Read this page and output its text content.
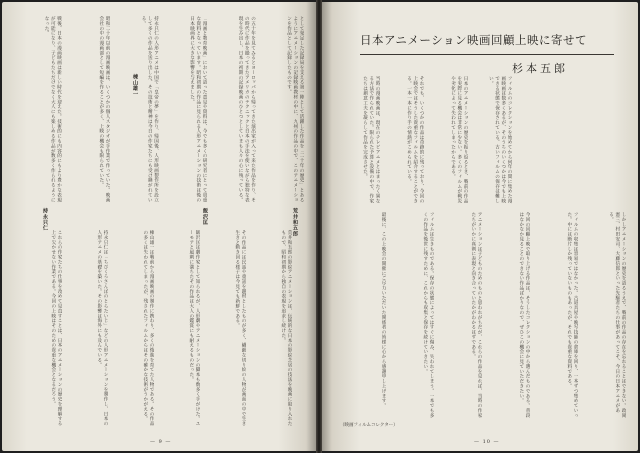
として発足した記録局を支える第一陣として活躍した作品を「二十年の歴史」とあるようにアニメーションの記録映画教材の中に、九州の作品の中で、このアニメーションを作品として記録したものです。
の五十年を見てみるとヨーロッパから帰ってきた演出家が入って来た作品を作り、その時代に作品を撮ってきたアメリカのテクニックと日本の手法を使いながら独特な表現を生み出し、日本の初期の記録映画のひとつとしていまも人々の心に残っている。
「漫画と教育映画」において語った意見や資料は、今でも多くの研究者にとって貴重な資料となっています。昭和初期の作品に見られる人形アニメーションの技術は後の日本映画界に大きな影響を与えました。
持永只仁の人形アニメは中国で「皇帝の夢」を作り、帰国後、人形映画製作所を設立して多くの作品を送り出した。その技術と精神は今日の作家たちにも受け継がれている。
昭和二十年以前の漫画映画は、いくつかの個人スタジオが手作業で作っていた。映画会社の中の漫画部として短編を作ることが多く、上映の機会も限られていた。
戦後、日本の漫画映画は新しい時代を迎えた。技術的にも内容的にもより豊かな表現が可能になり、子どもたちだけでなく大人にも楽しめる作品が数多く作られるようになった。
荒井和五郎
飯沢匡
棟山雄一
持永只仁
荒井和五郎の影絵アニメーションは、伝統的な日本の影絵芝居の技法を映画に取り入れたもので、昭和初期から独自の表現を追求し続けた。
その作品には民話や童話を題材としたものが多く、繊細な切り絵の人物が画面の中で生き生きと動き回る様子は今見ても新鮮である。
飯沢匡は劇作家として知られるが、人形劇やアニメーションの脚本も数多く手がけた。ユーモアと風刺に満ちたその作品は大人の鑑賞にも耐えるものだった。
棟山雄一は戦前から漫画映画の制作に携わり、多くの後進を育てた人物である。その作品の多くは失われてしまったが、残されたフィルムからはその確かな技術がうかがえる。
持永只仁は「ちびくろさんぼのとらたいじ」などの人形アニメーションを制作し、日本の人形アニメの基礎を築いた。その影響は海外にも及んでいる。
これらの作家たちの仕事を改めて見直すことは、日本のアニメーションの歴史を理解する上で欠かせない作業である。今回の上映はそのための貴重な機会となるだろう。
— 9 —
日本アニメーション映画回顧上映に寄せて
杉本五郎
フィルムのコレクションを始めてから何年の間に集めた漫画映画は数多くあるが、そのうちのいくつかは今でも上映できる状態で保存されている。古いフィルムの保存は難しい。
日本のアニメーションの歴史を振り返るとき、戦前の作品を実際に見る機会は非常に少ない。多くのフィルムが戦災や劣化によって失われてしまったからである。
それでも、いくつかの作品は奇跡的に残っており、今回の上映会ではそうした貴重なフィルムを紹介することができる。一本一本に作り手の情熱がこめられている。
当時の漫画映画は、現在のテレビアニメとはまったく異なる方法で作られていた。限られた予算と設備の中で、作家たちは創意工夫を凝らして作品を完成させた。
しかしアニメーションの歴史を語るうえで、戦前の作品の存在を忘れることはできない。政岡憲三、村田安司、大藤信郎といった先駆者たちの仕事があってこそ、今日の日本アニメがある。
フィルムの収集は容易ではなかった。古道具屋や映写技師の倉庫を回り、一本ずつ集めていった。中には断片しか残っていないものもあったが、それでも貴重な資料である。
今回の回顧上映で取り上げる作品は、そうしたコレクションの中から選んだものである。普段はなかなか見ることのできない作品ばかりなので、ぜひこの機会に見ていただきたい。
アニメーションは子どものためのものと思われがちだが、これらの作品を見れば、当時の作家たちがいかに真剣に表現と向き合っていたかがわかるはずである。
フィルムは生きものである。保存の状態によってはすぐに傷み、失われてしまう。一本でも多くの作品を後世に残すために、これからも収集と保存を続けていきたい。
最後に、この上映会の開催にご尽力いただいた関係者の皆様に心から感謝申し上げます。
（映画フィルムコレクター）
— 10 —
